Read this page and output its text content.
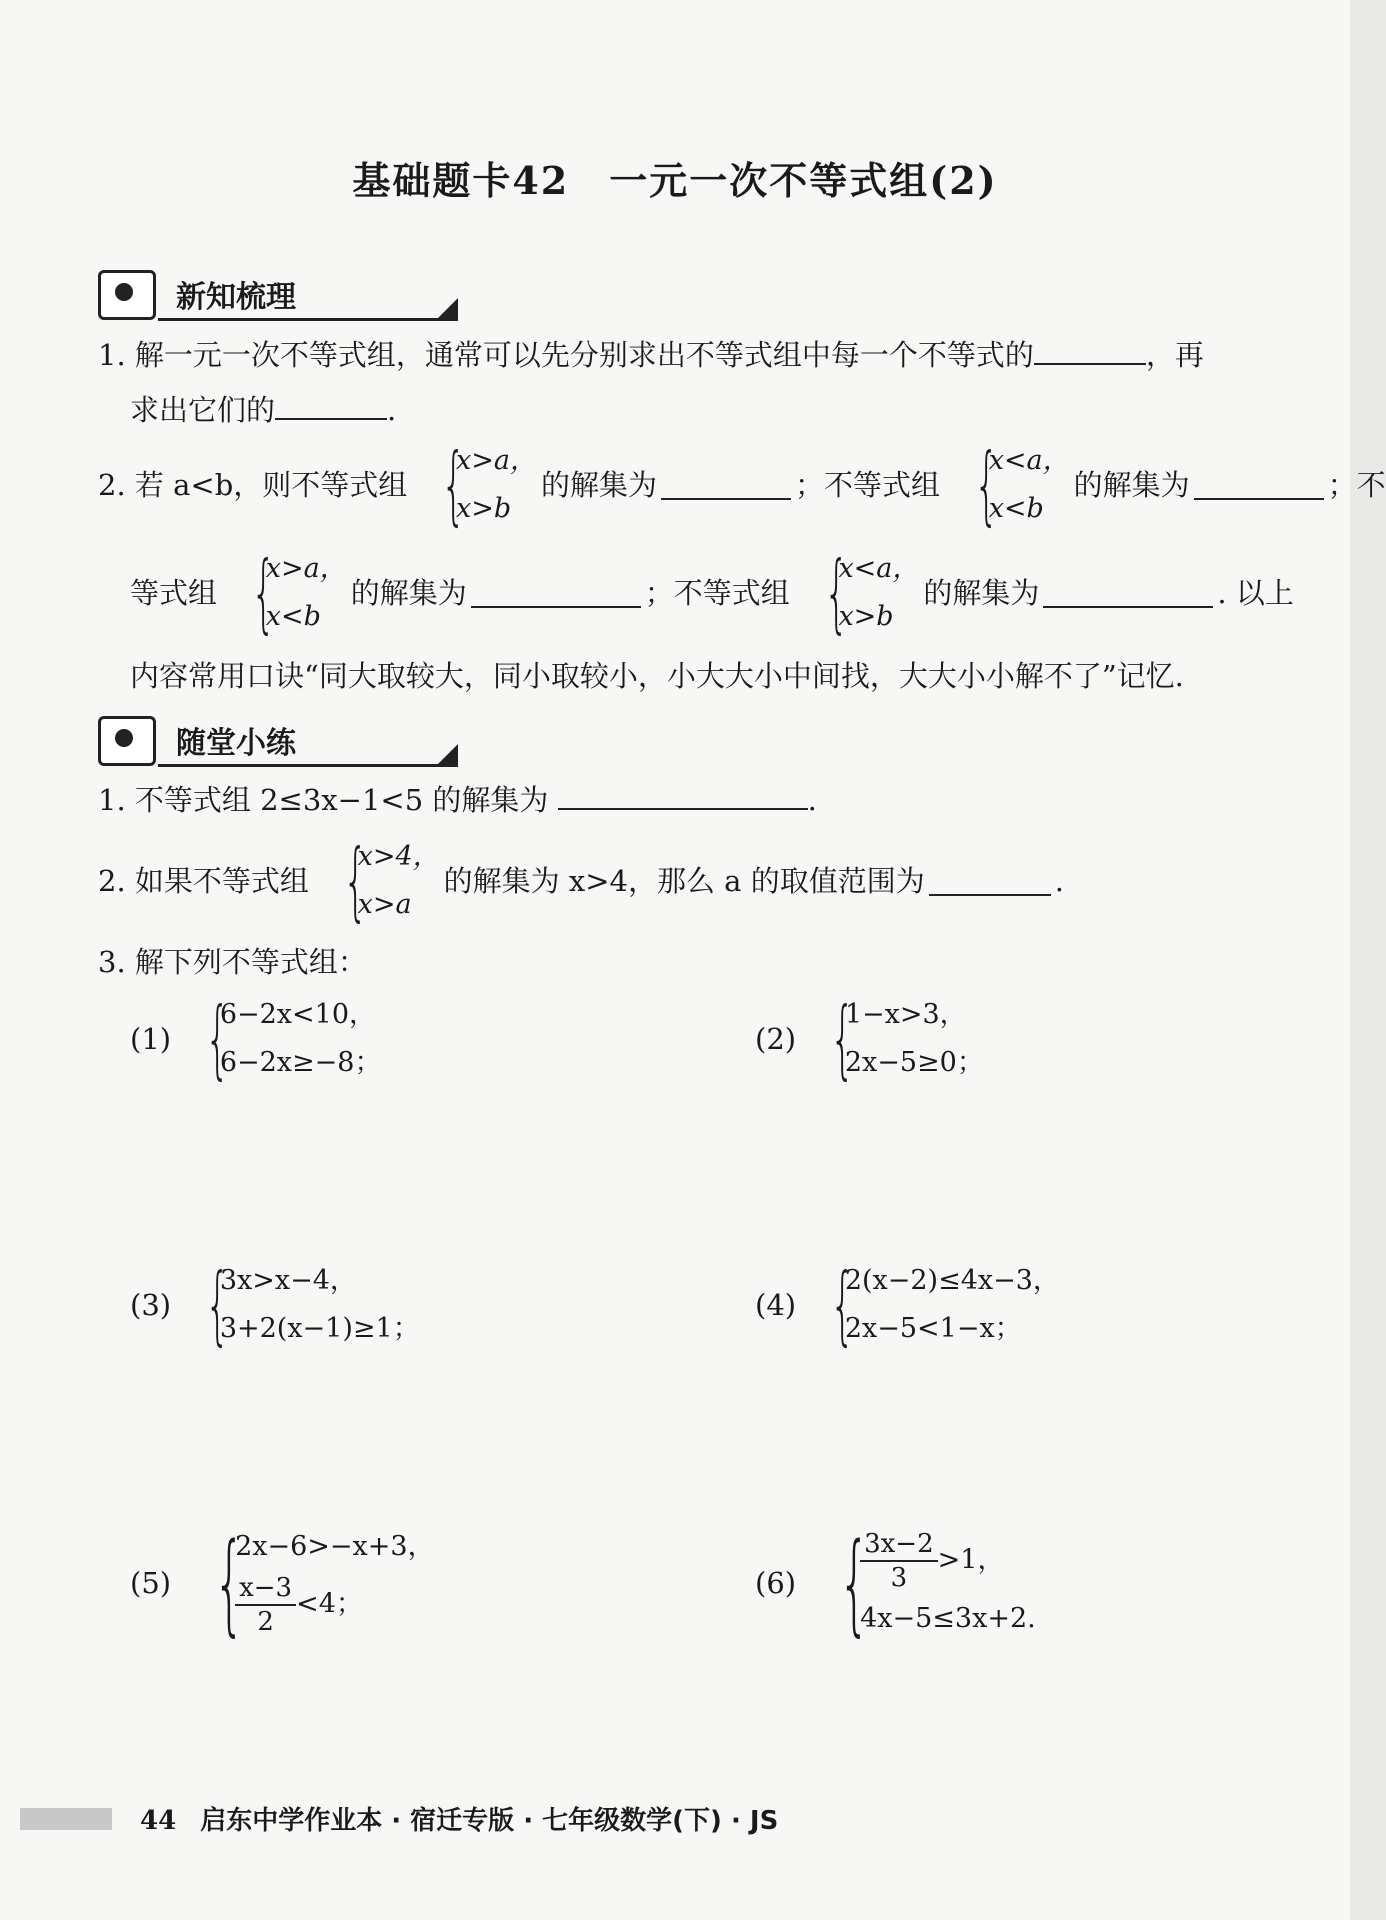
基础题卡42　一元一次不等式组(2)
新知梳理
1. 解一元一次不等式组，通常可以先分别求出不等式组中每一个不等式的	，再
求出它们的	.
2. 若 a<b，则不等式组 {
x>a，
x>b
的解集为	；不等式组 {
x<a，
x<b
的解集为	；不
等式组 {
x>a，
x<b
的解集为	；不等式组 {
x<a，
x>b
的解集为	. 以上
内容常用口诀“同大取较大，同小取较小，小大大小中间找，大大小小解不了”记忆.
随堂小练
1. 不等式组 2≤3x−1<5 的解集为	.
2. 如果不等式组 {
x>4，
x>a
的解集为 x>4，那么 a 的取值范围为	.
3. 解下列不等式组：
(1) {
6−2x<10，
6−2x≥−8；
(2) {
1−x>3，
2x−5≥0；
(3) {
3x>x−4，
3+2(x−1)≥1；
(4) {
2(x−2)≤4x−3，
2x−5<1−x；
(5) {
2x−6>−x+3，
$\frac{x-3}{2} <4$；
(6) {
$\frac{3x-2}{3} >1$，
4x−5≤3x+2.
44 启东中学作业本 · 宿迁专版 · 七年级数学(下) · JS
